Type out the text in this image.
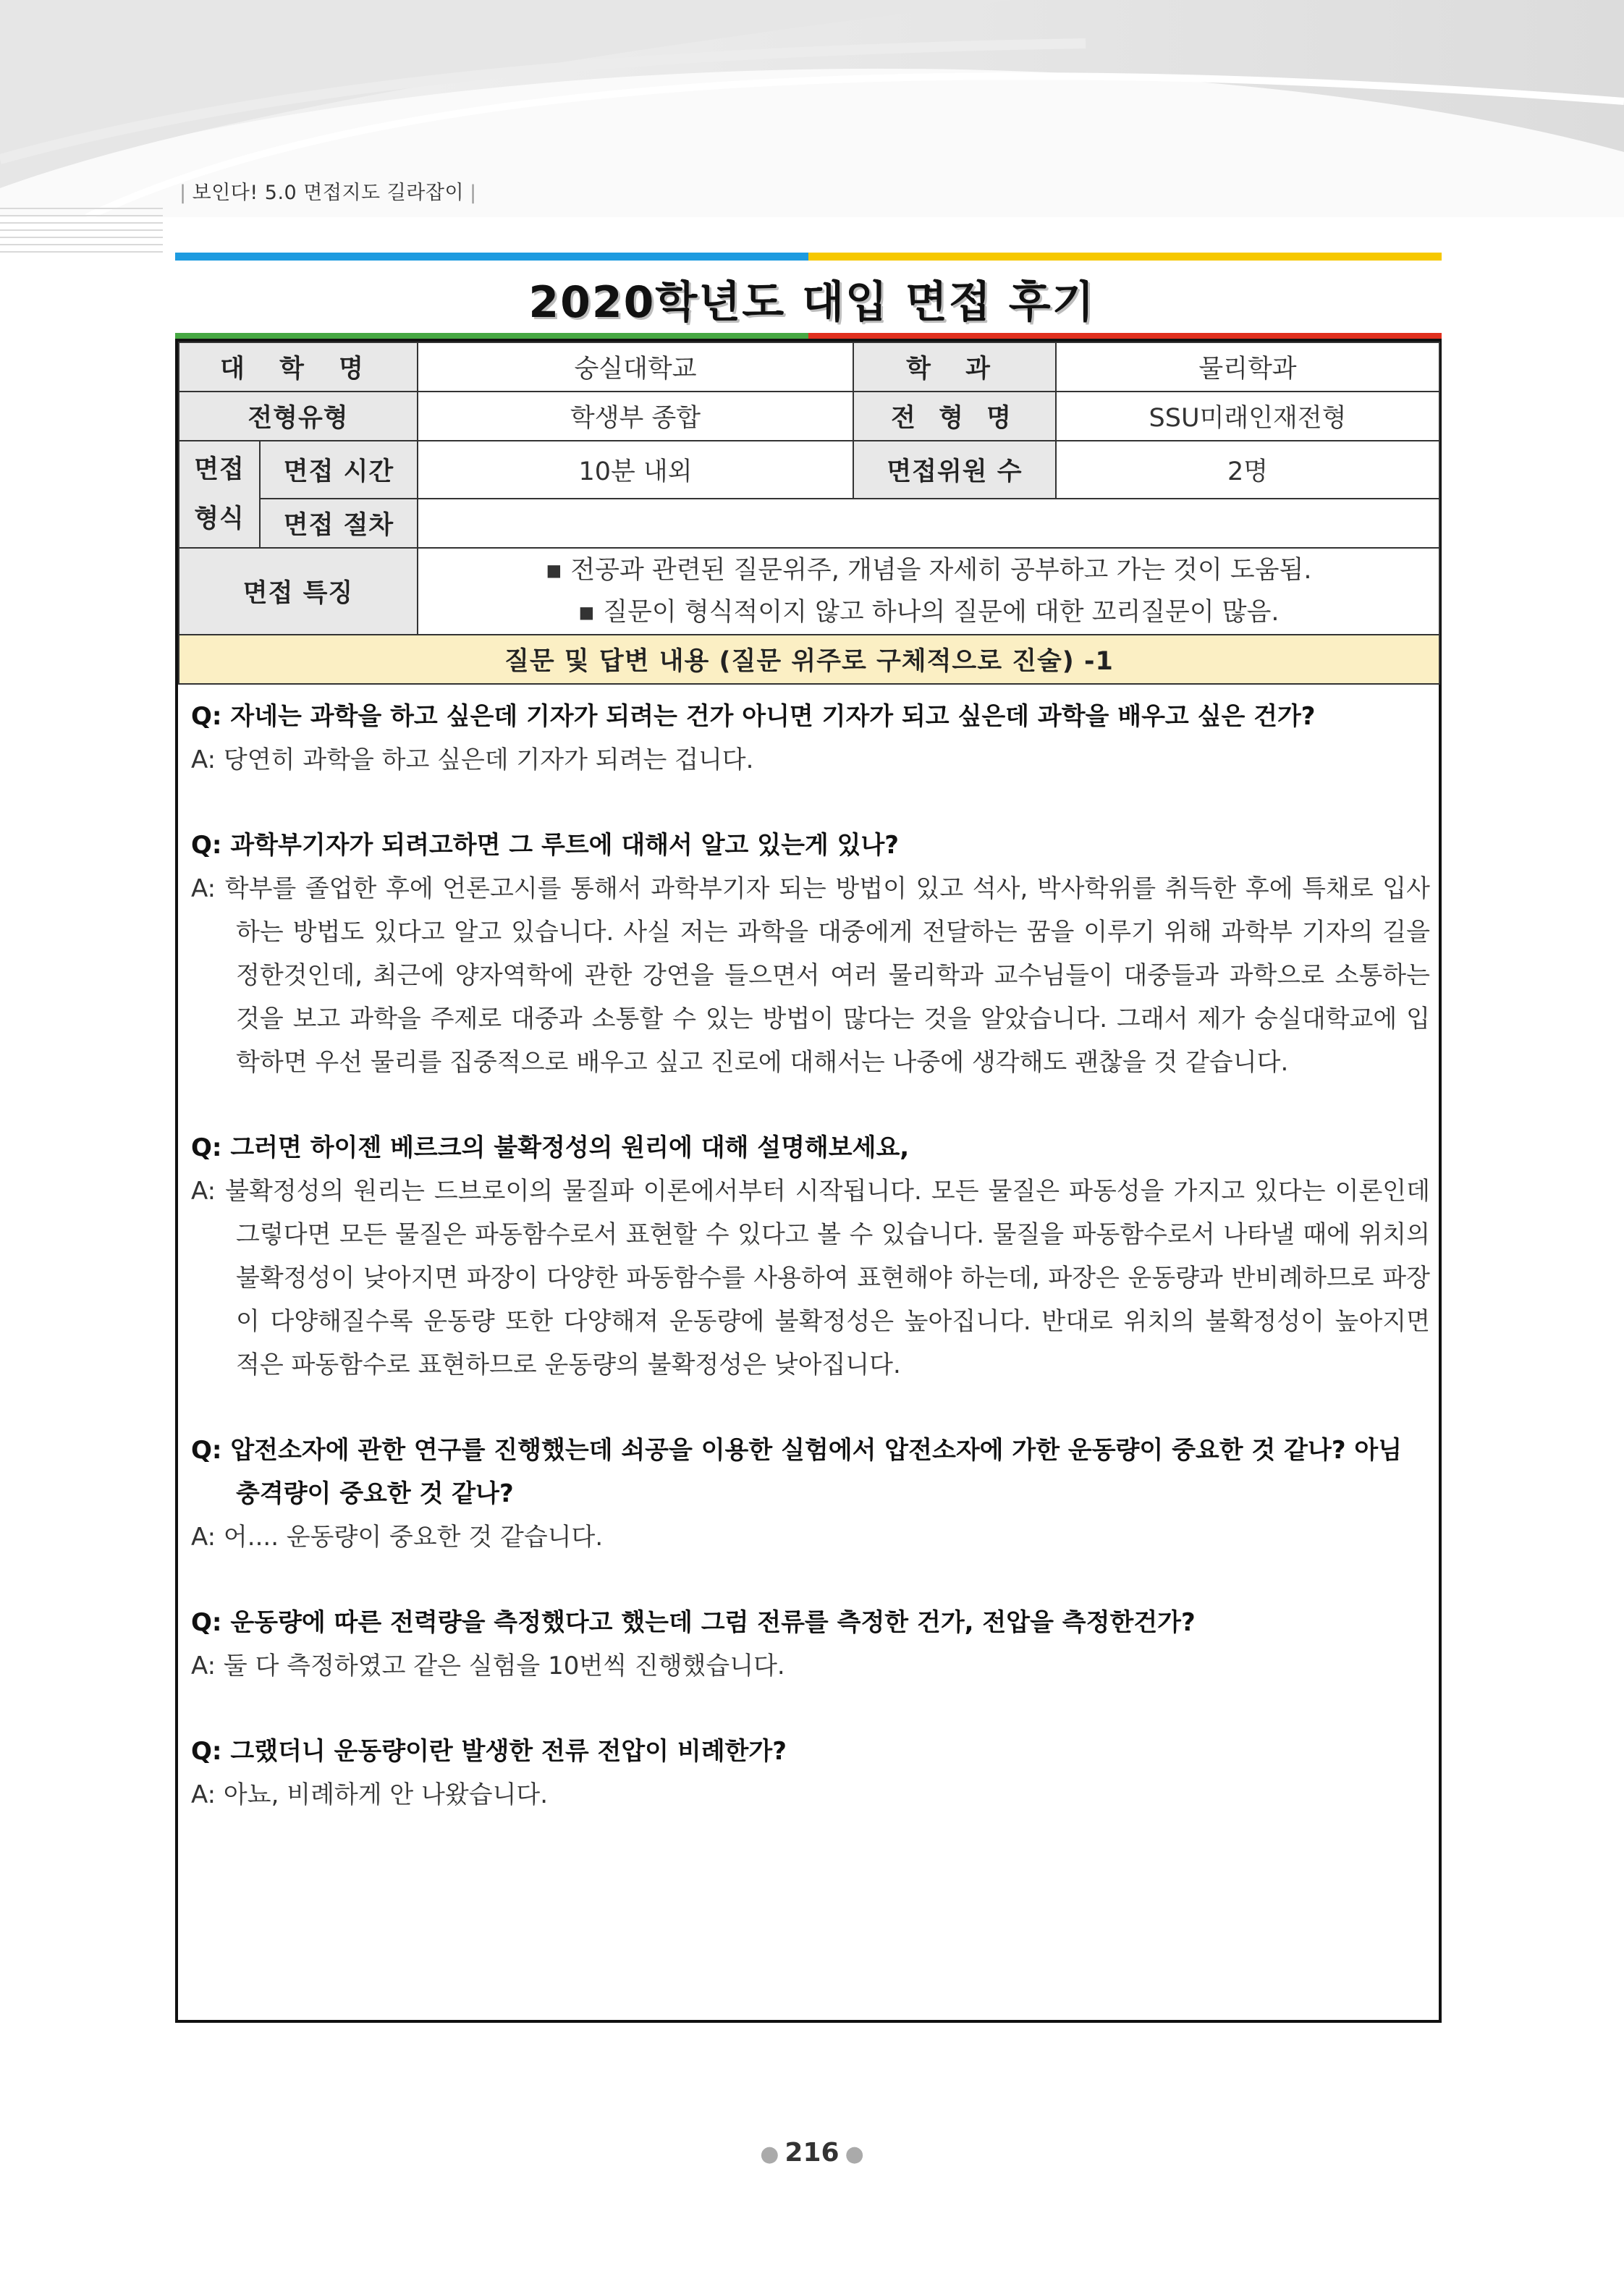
| 보인다! 5.0 면접지도 길라잡이 |
2020학년도 대입 면접 후기
대 학 명		숭실대학교	학 과	물리학과
전형유형		학생부 종합	전 형 명	SSU미래인재전형
면접 형식	면접 시간	10분 내외	면접위원 수	2명
	면접 절차			
면접 특징		▪ 전공과 관련된 질문위주, 개념을 자세히 공부하고 가는 것이 도움됨.
▪ 질문이 형식적이지 않고 하나의 질문에 대한 꼬리질문이 많음.		

질문 및 답변 내용 (질문 위주로 구체적으로 진술) -1				
Q: 자네는 과학을 하고 싶은데 기자가 되려는 건가 아니면 기자가 되고 싶은데 과학을 배우고 싶은 건가?
A: 당연히 과학을 하고 싶은데 기자가 되려는 겁니다.
Q: 과학부기자가 되려고하면 그 루트에 대해서 알고 있는게 있나?
A: 학부를 졸업한 후에 언론고시를 통해서 과학부기자 되는 방법이 있고 석사, 박사학위를 취득한 후에 특채로 입사하는 방법도 있다고 알고 있습니다. 사실 저는 과학을 대중에게 전달하는 꿈을 이루기 위해 과학부 기자의 길을 정한것인데, 최근에 양자역학에 관한 강연을 들으면서 여러 물리학과 교수님들이 대중들과 과학으로 소통하는 것을 보고 과학을 주제로 대중과 소통할 수 있는 방법이 많다는 것을 알았습니다. 그래서 제가 숭실대학교에 입학하면 우선 물리를 집중적으로 배우고 싶고 진로에 대해서는 나중에 생각해도 괜찮을 것 같습니다.
Q: 그러면 하이젠 베르크의 불확정성의 원리에 대해 설명해보세요,
A: 불확정성의 원리는 드브로이의 물질파 이론에서부터 시작됩니다. 모든 물질은 파동성을 가지고 있다는 이론인데 그렇다면 모든 물질은 파동함수로서 표현할 수 있다고 볼 수 있습니다. 물질을 파동함수로서 나타낼 때에 위치의 불확정성이 낮아지면 파장이 다양한 파동함수를 사용하여 표현해야 하는데, 파장은 운동량과 반비례하므로 파장이 다양해질수록 운동량 또한 다양해져 운동량에 불확정성은 높아집니다. 반대로 위치의 불확정성이 높아지면 적은 파동함수로 표현하므로 운동량의 불확정성은 낮아집니다.
Q: 압전소자에 관한 연구를 진행했는데 쇠공을 이용한 실험에서 압전소자에 가한 운동량이 중요한 것 같나? 아님 충격량이 중요한 것 같나?
A: 어.... 운동량이 중요한 것 같습니다.
Q: 운동량에 따른 전력량을 측정했다고 했는데 그럼 전류를 측정한 건가, 전압을 측정한건가?
A: 둘 다 측정하였고 같은 실험을 10번씩 진행했습니다.
Q: 그랬더니 운동량이란 발생한 전류 전압이 비례한가?
A: 아뇨, 비례하게 안 나왔습니다.
● 216 ●
